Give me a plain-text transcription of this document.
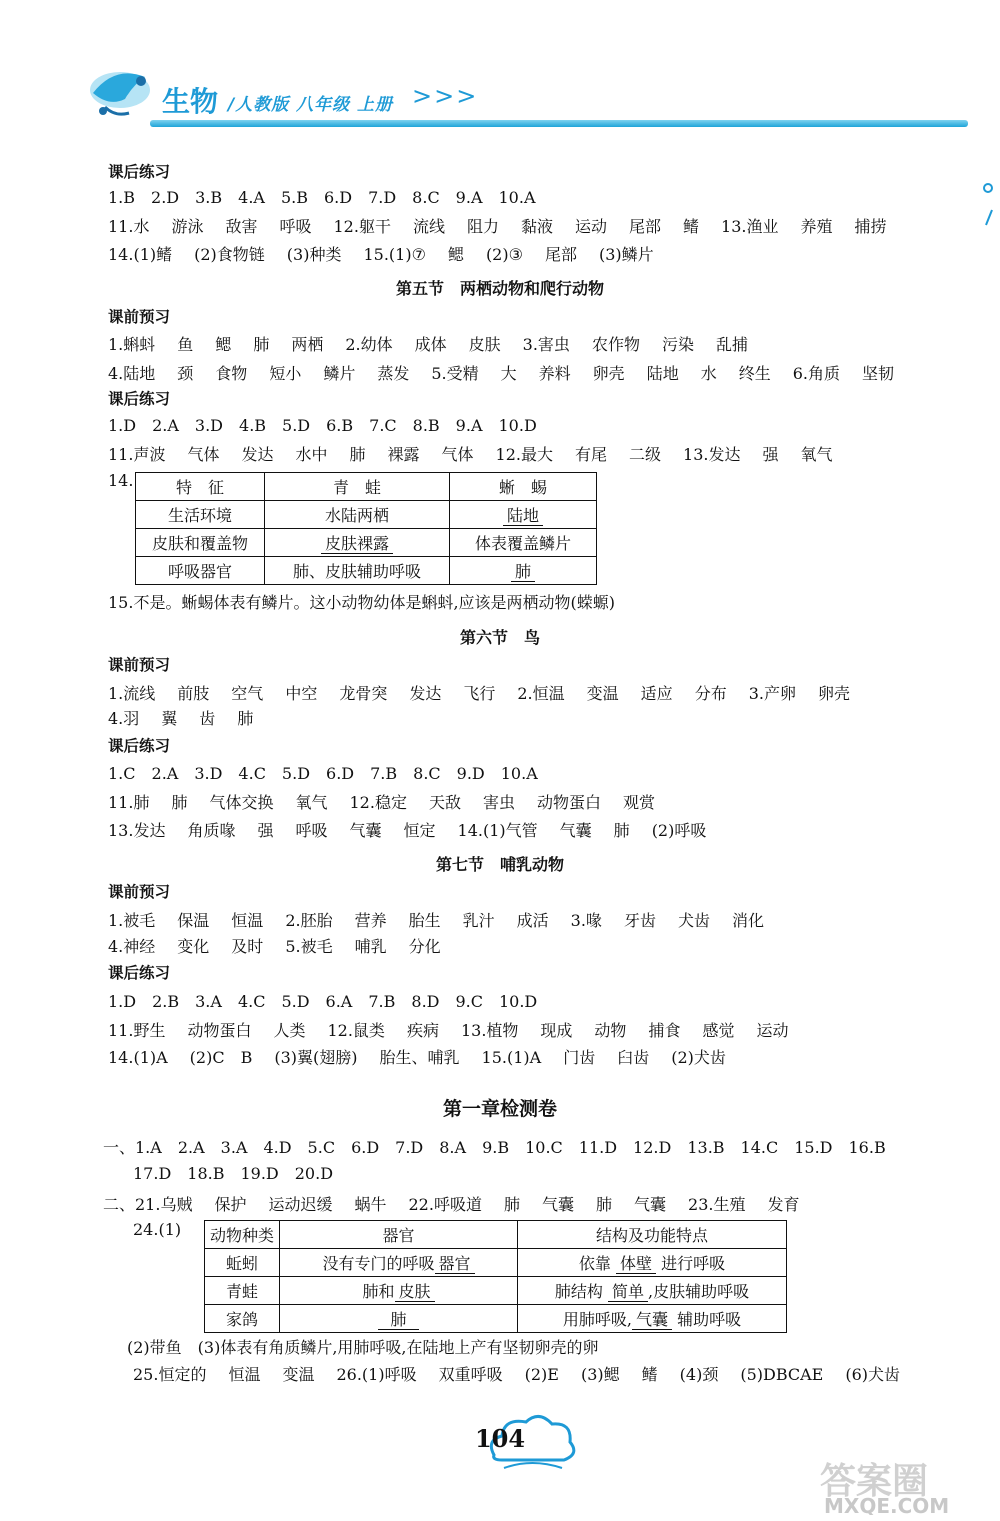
生物 /人教版 八年级 上册 >>>
课后练习
1.B　2.D　3.B　4.A　5.B　6.D　7.D　8.C　9.A　10.A
11.水 游泳 敌害 呼吸 12.躯干 流线 阻力 黏液 运动 尾部 鳍 13.渔业 养殖 捕捞
14.(1)鳍 (2)食物链 (3)种类 15.(1)⑦ 鳃 (2)③ 尾部 (3)鳞片
第五节　两栖动物和爬行动物
课前预习
1.蝌蚪 鱼 鳃 肺 两栖 2.幼体 成体 皮肤 3.害虫 农作物 污染 乱捕
4.陆地 颈 食物 短小 鳞片 蒸发 5.受精 大 养料 卵壳 陆地 水 终生 6.角质 坚韧
课后练习
1.D　2.A　3.D　4.B　5.D　6.B　7.C　8.B　9.A　10.D
11.声波 气体 发达 水中 肺 裸露 气体 12.最大 有尾 二级 13.发达 强 氧气
14.	特　征	青　蛙	蜥　蜴
生活环境	水陆两栖	陆地
皮肤和覆盖物	皮肤裸露	体表覆盖鳞片
呼吸器官	肺、皮肤辅助呼吸	肺
15.不是。蜥蜴体表有鳞片。这小动物幼体是蝌蚪,应该是两栖动物(蝾螈)
第六节　鸟
课前预习
1.流线 前肢 空气 中空 龙骨突 发达 飞行 2.恒温 变温 适应 分布 3.产卵 卵壳
4.羽 翼 齿 肺
课后练习
1.C　2.A　3.D　4.C　5.D　6.D　7.B　8.C　9.D　10.A
11.肺 肺 气体交换 氧气 12.稳定 天敌 害虫 动物蛋白 观赏
13.发达 角质喙 强 呼吸 气囊 恒定 14.(1)气管 气囊 肺 (2)呼吸
第七节　哺乳动物
课前预习
1.被毛 保温 恒温 2.胚胎 营养 胎生 乳汁 成活 3.喙 牙齿 犬齿 消化
4.神经 变化 及时 5.被毛 哺乳 分化
课后练习
1.D　2.B　3.A　4.C　5.D　6.A　7.B　8.D　9.C　10.D
11.野生 动物蛋白 人类 12.鼠类 疾病 13.植物 现成 动物 捕食 感觉 运动
14.(1)A (2)C　B (3)翼(翅膀) 胎生、哺乳 15.(1)A 门齿 臼齿 (2)犬齿
第一章检测卷
一、1.A　2.A　3.A　4.D　5.C　6.D　7.D　8.A　9.B　10.C　11.D　12.D　13.B　14.C　15.D　16.B
17.D　18.B　19.D　20.D
二、21.乌贼 保护 运动迟缓 蜗牛 22.呼吸道 肺 气囊 肺 气囊 23.生殖 发育
24.(1) 动物种类	器官	结构及功能特点
蚯蚓	没有专门的呼吸 器官	依靠 体壁 进行呼吸
青蛙	肺和 皮肤	肺结构 简单 ,皮肤辅助呼吸
家鸽	肺	用肺呼吸, 气囊 辅助呼吸
(2)带鱼　(3)体表有角质鳞片,用肺呼吸,在陆地上产有坚韧卵壳的卵
25.恒定的 恒温 变温 26.(1)呼吸 双重呼吸 (2)E (3)鳃 鳍 (4)颈 (5)DBCAE (6)犬齿
104
答案圈
MXQE.COM
